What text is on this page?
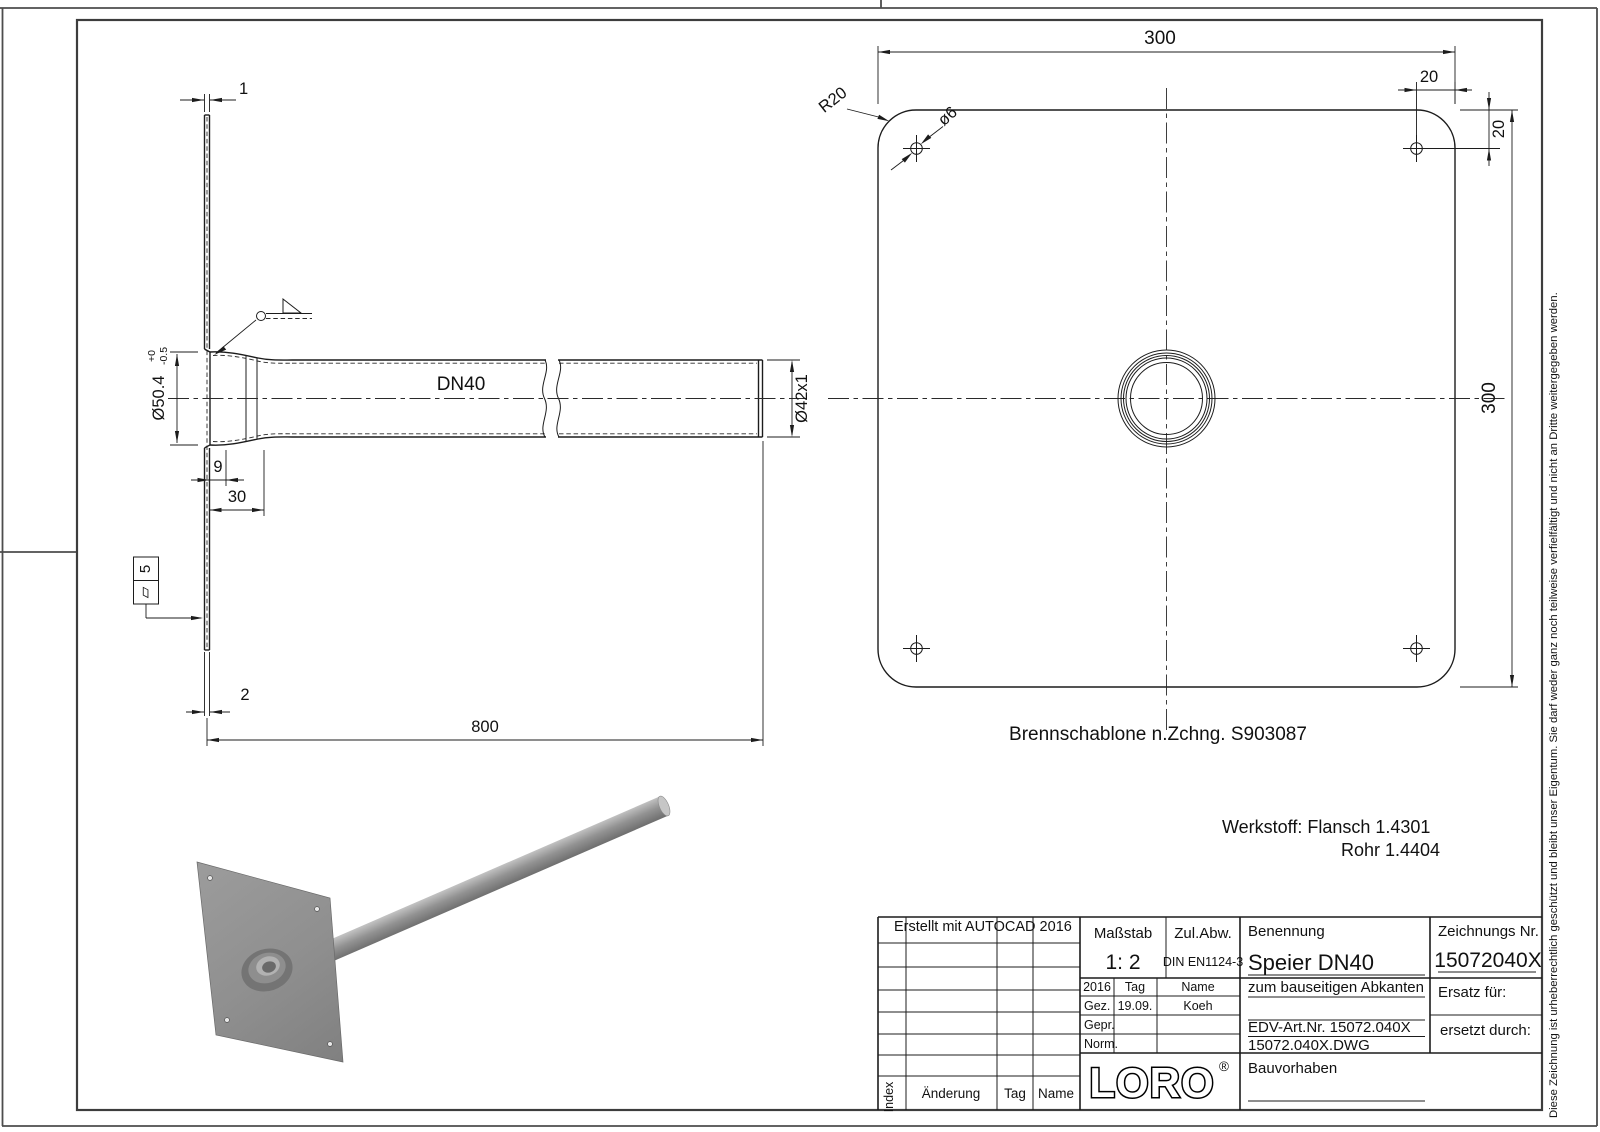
DN40
1
Ø50.4
+0 -0.5
9
30
▱
5
2
800
Ø42x1
300
20
20
300
R20	ø6
Brennschablone n.Zchng. S903087
Werkstoff: Flansch 1.4301
Rohr 1.4404
Erstellt mit AUTOCAD 2016
Index Änderung Tag Name
Maßstab
1: 2
Zul.Abw.
DIN EN1124-3
2016 Tag	Name
Gez. 19.09. Koeh
Gepr.
Norm.
LORO ®
Benennung
Speier DN40
zum bauseitigen Abkanten
EDV-Art.Nr. 15072.040X
15072.040X.DWG
Bauvorhaben
Zeichnungs Nr.
15072040X
Ersatz für:
ersetzt durch: Diese Zeichnung ist urheberrechtlich geschützt und bleibt unser Eigentum. Sie darf weder ganz noch teilweise verfielfältigt und nicht an Dritte weitergegeben werden.
